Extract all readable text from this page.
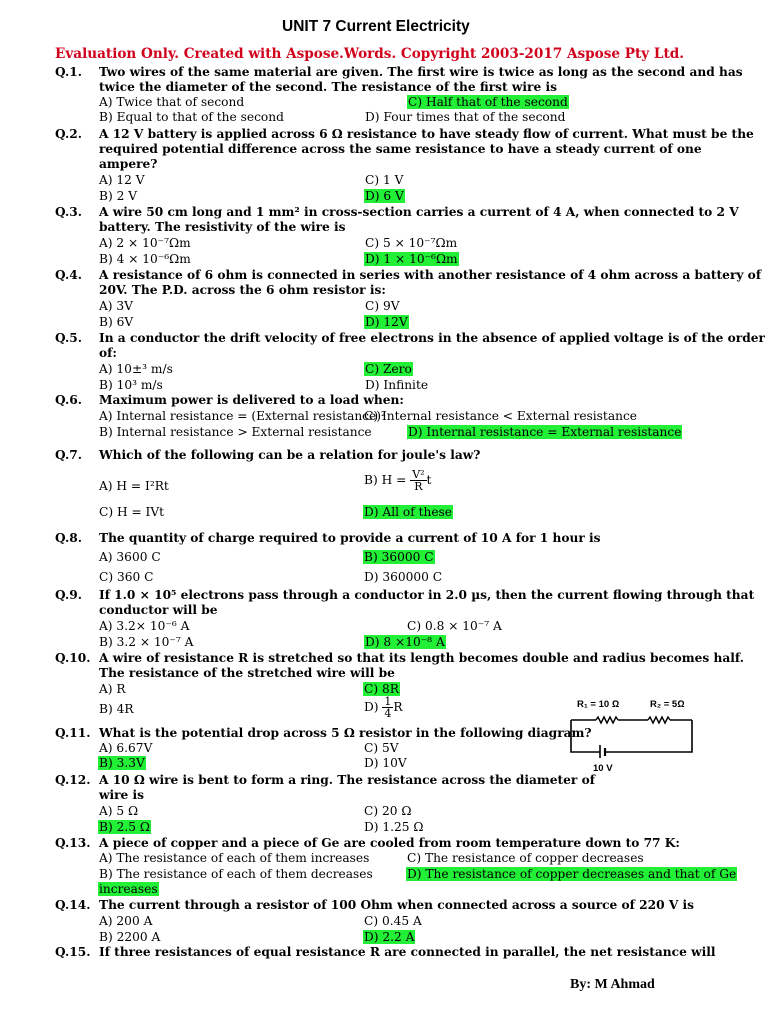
UNIT 7 Current Electricity
Evaluation Only. Created with Aspose.Words. Copyright 2003-2017 Aspose Pty Ltd.
Q.1. Two wires of the same material are given. The first wire is twice as long as the second and has
twice the diameter of the second. The resistance of the first wire is
A) Twice that of second	C) Half that of the second
B) Equal to that of the second	D) Four times that of the second
Q.2. A 12 V battery is applied across 6 Ω resistance to have steady flow of current. What must be the
required potential difference across the same resistance to have a steady current of one
ampere?
A) 12 V	C) 1 V
B) 2 V	D) 6 V
Q.3. A wire 50 cm long and 1 mm² in cross-section carries a current of 4 A, when connected to 2 V
battery. The resistivity of the wire is
A) 2 × 10⁻⁷Ωm	C) 5 × 10⁻⁷Ωm
B) 4 × 10⁻⁶Ωm	D) 1 × 10⁻⁶Ωm
Q.4. A resistance of 6 ohm is connected in series with another resistance of 4 ohm across a battery of
20V. The P.D. across the 6 ohm resistor is:
A) 3V	C) 9V
B) 6V	D) 12V
Q.5. In a conductor the drift velocity of free electrons in the absence of applied voltage is of the order
of:
A) 10±³ m/s	C) Zero
B) 10³ m/s	D) Infinite
Q.6. Maximum power is delivered to a load when:
A) Internal resistance = (External resistance)²
C) Internal resistance < External resistance
B) Internal resistance > External resistance	D) Internal resistance = External resistance
Q.7. Which of the following can be a relation for joule's law?
A) H = I²Rt	B) $H = \frac{\text{V²}}{R}$ t
C) H = IVt	D) All of these
Q.8. The quantity of charge required to provide a current of 10 A for 1 hour is
A) 3600 C	B) 36000 C
C) 360 C	D) 360000 C
Q.9. If 1.0 × 10⁵ electrons pass through a conductor in 2.0 µs, then the current flowing through that
conductor will be
A) 3.2× 10⁻⁶ A	C) 0.8 × 10⁻⁷ A
B) 3.2 × 10⁻⁷ A	D) 8 ×10⁻⁸ A
Q.10. A wire of resistance R is stretched so that its length becomes double and radius becomes half.
The resistance of the stretched wire will be
A) R	C) 8R
B) 4R	$D) \frac{1}{4}$ R	R₁ = 10 Ω	R₂ = 5Ω
10 V
Q.11. What is the potential drop across 5 Ω resistor in the following diagram?
A) 6.67V	C) 5V
B) 3.3V	D) 10V
Q.12. A 10 Ω wire is bent to form a ring. The resistance across the diameter of
wire is
A) 5 Ω	C) 20 Ω
B) 2.5 Ω	D) 1.25 Ω
Q.13. A piece of copper and a piece of Ge are cooled from room temperature down to 77 K:
A) The resistance of each of them increases	C) The resistance of copper decreases
B) The resistance of each of them decreases	D) The resistance of copper decreases and that of Ge
increases
Q.14. The current through a resistor of 100 Ohm when connected across a source of 220 V is
A) 200 A	C) 0.45 A
B) 2200 A	D) 2.2 A
Q.15. If three resistances of equal resistance R are connected in parallel, the net resistance will
By: M Ahmad
